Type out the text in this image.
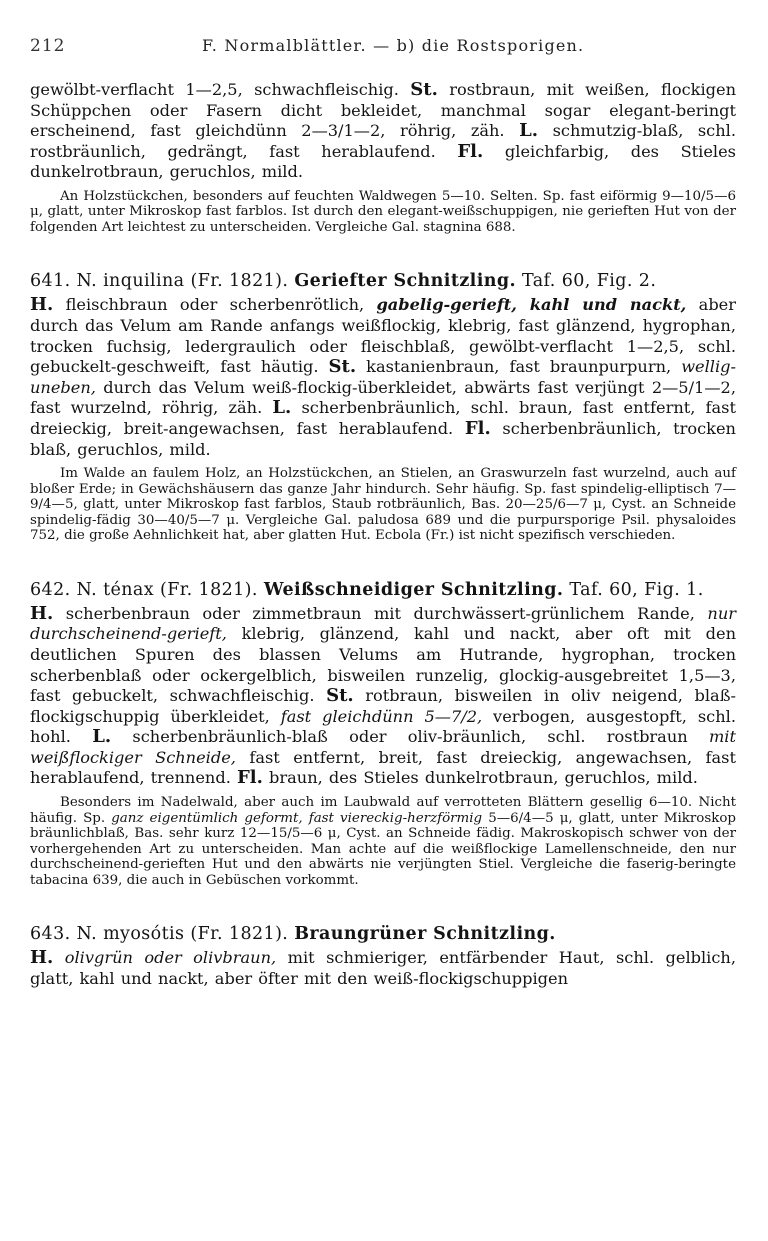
212	F. Normalblättler. — b) die Rostsporigen.

gewölbt-verflacht 1—2,5, schwachfleischig. St. rostbraun, mit weißen, flockigen Schüppchen oder Fasern dicht bekleidet, manchmal sogar elegant-beringt erscheinend, fast gleichdünn 2—3/1—2, röhrig, zäh. L. schmutzig-blaß, schl. rostbräunlich, gedrängt, fast herablaufend. Fl. gleichfarbig, des Stieles dunkelrotbraun, geruchlos, mild.

An Holzstückchen, besonders auf feuchten Waldwegen 5—10. Selten. Sp. fast eiförmig 9—10/5—6 μ, glatt, unter Mikroskop fast farblos. Ist durch den elegant-weißschuppigen, nie gerieften Hut von der folgenden Art leichtest zu unterscheiden. Vergleiche Gal. stagnina 688.

641. N. inquilina (Fr. 1821). Geriefter Schnitzling. Taf. 60, Fig. 2.

H. fleischbraun oder scherbenrötlich, gabelig-gerieft, kahl und nackt, aber durch das Velum am Rande anfangs weißflockig, klebrig, fast glänzend, hygrophan, trocken fuchsig, ledergraulich oder fleischblaß, gewölbt-verflacht 1—2,5, schl. gebuckelt-geschweift, fast häutig. St. kastanienbraun, fast braunpurpurn, wellig-uneben, durch das Velum weiß-flockig-überkleidet, abwärts fast verjüngt 2—5/1—2, fast wurzelnd, röhrig, zäh. L. scherbenbräunlich, schl. braun, fast entfernt, fast dreieckig, breit-angewachsen, fast herablaufend. Fl. scherbenbräunlich, trocken blaß, geruchlos, mild.

Im Walde an faulem Holz, an Holzstückchen, an Stielen, an Graswurzeln fast wurzelnd, auch auf bloßer Erde; in Gewächshäusern das ganze Jahr hindurch. Sehr häufig. Sp. fast spindelig-elliptisch 7—9/4—5, glatt, unter Mikroskop fast farblos, Staub rotbräunlich, Bas. 20—25/6—7 μ, Cyst. an Schneide spindelig-fädig 30—40/5—7 μ. Vergleiche Gal. paludosa 689 und die purpursporige Psil. physaloides 752, die große Aehnlichkeit hat, aber glatten Hut. Ecbola (Fr.) ist nicht spezifisch verschieden.

642. N. ténax (Fr. 1821). Weißschneidiger Schnitzling. Taf. 60, Fig. 1.

H. scherbenbraun oder zimmetbraun mit durchwässert-grünlichem Rande, nur durchscheinend-gerieft, klebrig, glänzend, kahl und nackt, aber oft mit den deutlichen Spuren des blassen Velums am Hutrande, hygrophan, trocken scherbenblaß oder ockergelblich, bisweilen runzelig, glockig-ausgebreitet 1,5—3, fast gebuckelt, schwachfleischig. St. rotbraun, bisweilen in oliv neigend, blaß-flockigschuppig überkleidet, fast gleichdünn 5—7/2, verbogen, ausgestopft, schl. hohl. L. scherbenbräunlich-blaß oder oliv-bräunlich, schl. rostbraun mit weißflockiger Schneide, fast entfernt, breit, fast dreieckig, angewachsen, fast herablaufend, trennend. Fl. braun, des Stieles dunkelrotbraun, geruchlos, mild.

Besonders im Nadelwald, aber auch im Laubwald auf verrotteten Blättern gesellig 6—10. Nicht häufig. Sp. ganz eigentümlich geformt, fast viereckig-herzförmig 5—6/4—5 μ, glatt, unter Mikroskop bräunlichblaß, Bas. sehr kurz 12—15/5—6 μ, Cyst. an Schneide fädig. Makroskopisch schwer von der vorhergehenden Art zu unterscheiden. Man achte auf die weißflockige Lamellenschneide, den nur durchscheinend-gerieften Hut und den abwärts nie verjüngten Stiel. Vergleiche die faserig-beringte tabacina 639, die auch in Gebüschen vorkommt.

643. N. myosótis (Fr. 1821). Braungrüner Schnitzling.

H. olivgrün oder olivbraun, mit schmieriger, entfärbender Haut, schl. gelblich, glatt, kahl und nackt, aber öfter mit den weiß-flockigschuppigen
